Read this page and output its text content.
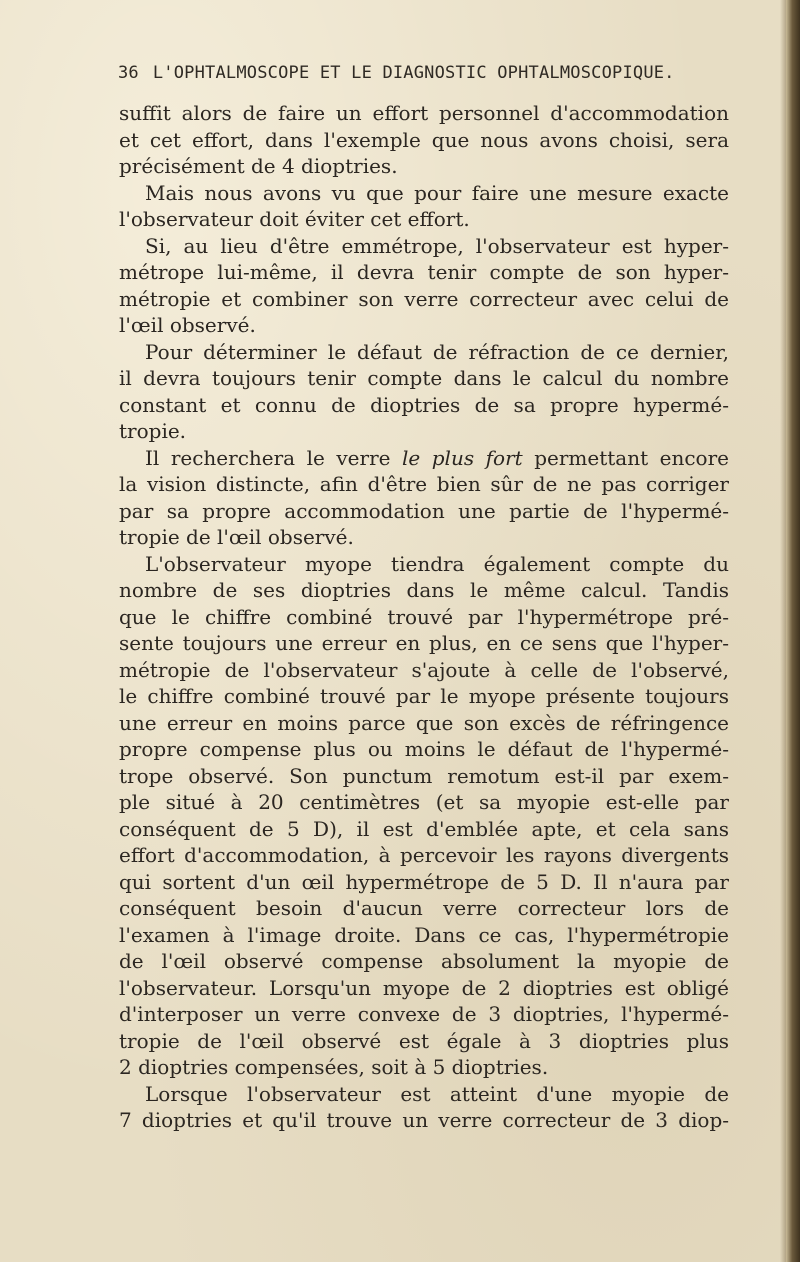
36 L'OPHTALMOSCOPE ET LE DIAGNOSTIC OPHTALMOSCOPIQUE.
suffit alors de faire un effort personnel d'accommodation
et cet effort, dans l'exemple que nous avons choisi, sera
précisément de 4 dioptries.
Mais nous avons vu que pour faire une mesure exacte
l'observateur doit éviter cet effort.
Si, au lieu d'être emmétrope, l'observateur est hyper-
métrope lui-même, il devra tenir compte de son hyper-
métropie et combiner son verre correcteur avec celui de
l'œil observé.
Pour déterminer le défaut de réfraction de ce dernier,
il devra toujours tenir compte dans le calcul du nombre
constant et connu de dioptries de sa propre hypermé-
tropie.
Il recherchera le verre le plus fort permettant encore
la vision distincte, afin d'être bien sûr de ne pas corriger
par sa propre accommodation une partie de l'hypermé-
tropie de l'œil observé.
L'observateur myope tiendra également compte du
nombre de ses dioptries dans le même calcul. Tandis
que le chiffre combiné trouvé par l'hypermétrope pré-
sente toujours une erreur en plus, en ce sens que l'hyper-
métropie de l'observateur s'ajoute à celle de l'observé,
le chiffre combiné trouvé par le myope présente toujours
une erreur en moins parce que son excès de réfringence
propre compense plus ou moins le défaut de l'hypermé-
trope observé. Son punctum remotum est-il par exem-
ple situé à 20 centimètres (et sa myopie est-elle par
conséquent de 5 D), il est d'emblée apte, et cela sans
effort d'accommodation, à percevoir les rayons divergents
qui sortent d'un œil hypermétrope de 5 D. Il n'aura par
conséquent besoin d'aucun verre correcteur lors de
l'examen à l'image droite. Dans ce cas, l'hypermétropie
de l'œil observé compense absolument la myopie de
l'observateur. Lorsqu'un myope de 2 dioptries est obligé
d'interposer un verre convexe de 3 dioptries, l'hypermé-
tropie de l'œil observé est égale à 3 dioptries plus
2 dioptries compensées, soit à 5 dioptries.
Lorsque l'observateur est atteint d'une myopie de
7 dioptries et qu'il trouve un verre correcteur de 3 diop-
